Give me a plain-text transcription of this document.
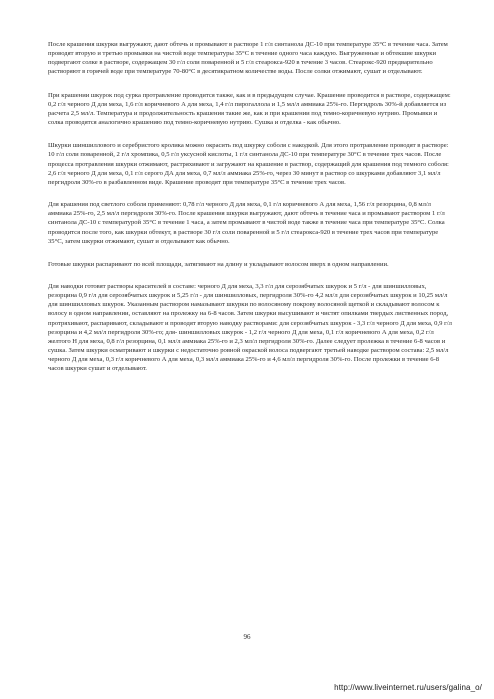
После крашения шкурки выгружают, дают обтечь и промывают в растворе 1 г/л синтанола ДС-10 при температуре 35°С в течение часа. Затем проводят вторую и третью промывки на чистой воде температуры 35°С в течение одного часа каждую. Выгруженные и обтекшие шкурки подвергают солке в растворе, содержащем 30 г/л соли поваренной и 5 г/л стеарокса-920 в течение 3 часов. Стеарокс-920 предварительно растворяют в горячей воде при температуре 70-80°С в десятикратном количестве воды. После солки отжимают, сушат и отделывают.

При крашении шкурок под сурка протравление проводится также, как и в предыдущем случае. Крашение проводится в растворе, содержащем: 0,2 г/л черного Д для меха, 1,6 г/л коричневого А для меха, 1,4 г/л пирогаллола и 1,5 мл/л аммиака 25%-го. Пергидроль 30%-й добавляется из расчета 2,5 мл/л. Температура и продолжительность крашения такие же, как и при крашении под темно-коричневую нутрию. Промывки и солка проводятся аналогично крашению под темно-коричневую нутрию. Сушка и отделка - как обычно.

Шкурки шиншиллового и серебристого кролика можно окрасить под шкурку соболя с накодкой. Для этого протравление проводят в растворе: 10 г/л соли поваренной, 2 г/л хромпика, 0,5 г/л уксусной кислоты, 1 г/л синтанола ДС-10 при температуре 30°С в течение трех часов. После процесса протравления шкурки отжимают, растряхивают и загружают на крашение в раствор, содержащий для крашения под темного соболя: 2,6 г/л черного Д для меха, 0,1 г/л серого ДА для меха, 0,7 мл/л аммиака 25%-го, через 30 минут в раствор со шкурками добавляют 3,1 мл/л пергидроля 30%-го в разбавленном виде. Крашение проводят при температуре 35°С в течение трех часов.

Для крашения под светлого соболя применяют: 0,78 г/л черного Д для меха, 0,1 г/л коричневого А для меха, 1,56 г/л резорцина, 0,8 мл/л аммиака 25%-го, 2,5 мл/л пергидроля 30%-го. После крашения шкурки выгружают, дают обтечь в течение часа и промывают раствором 1 г/л синтанола ДС-10 с температурой 35°С в течение 1 часа, а затем промывают в чистой воде также в течение часа при температуре 35°С. Солка проводится после того, как шкурки обтекут, в растворе 30 г/л соли поваренной и 5 г/л стеарокса-920 в течение трех часов при температуре 35°С, затем шкурки отжимают, сушат и отделывают как обычно.

Готовые шкурки распаривают по всей площади, затягивают на длину и укладывают волосом вверх в одном направлении.

Для наводки готовят растворы красителей в составе: черного Д для меха, 3,3 г/л для серозябчатых шкурок и 5 г/л - для шиншилловых, резорцина 0,9 г/л для серозябчатых шкурок и 5,25 г/л - для шиншилловых, пергидроля 30%-го 4,2 мл/л для серозябчатых шкурок и 10,25 мл/л для шиншилловых шкурок. Указанным раствором намазывают шкурки по волосяному покрову волосяной щеткой и складывают волосом к волосу в одном направлении, оставляют на пролежку на 6-8 часов. Затем шкурки высушивают и чистят опилками твердых лиственных пород, протряхивают, распаривают, складывают и проводят вторую наводку растворами: для серозябчатых шкурок - 3,3 г/л черного Д для меха, 0,9 г/л резорцина и 4,2 мл/л пергидроля 30%-го; для- шиншилловых шкурок - 1,2 г/л черного Д для меха, 0,1 г/л коричневого А для меха, 0,2 г/л желтого Н для меха, 0,8 г/л резорцина, 0,1 мл/л аммиака 25%-го и 2,3 мл/л пергидроля 30%-го. Далее следует пролежка в течение 6-8 часов и сушка. Затем шкурки осматривают и шкурки с недостаточно ровной окраской волоса подвергают третьей наводке раствором состава: 2,5 мл/л черного Д для меха, 0,3 г/л коричневого А для меха, 0,3 мл/л аммиака 25%-го и 4,6 мл/л пергидроля 30%-го. После пролежки в течение 6-8 часов шкурки сушат и отделывают.

96
http://www.liveinternet.ru/users/galina_o/
